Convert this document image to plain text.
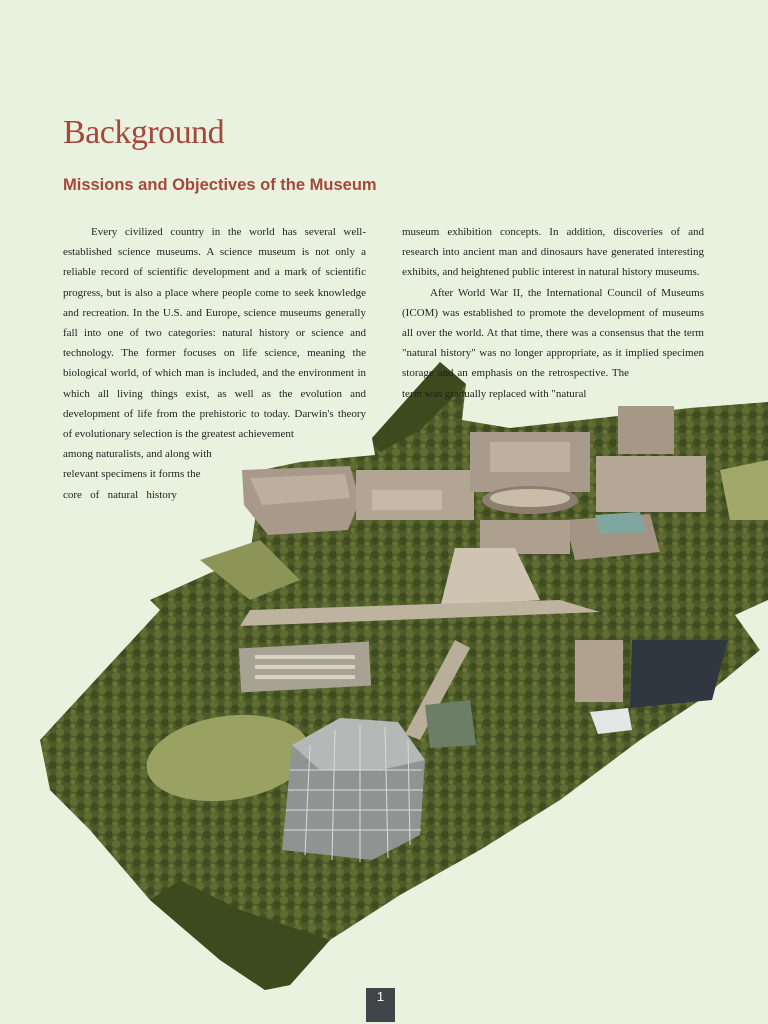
Background
Missions and Objectives of the Museum

Every civilized country in the world has several well-

established science museums. A science museum is not only a

reliable record of scientific development and a mark of scientific

progress, but is also a place where people come to seek knowledge

and recreation. In the U.S. and Europe, science museums generally

fall into one of two categories: natural history or science and

technology. The former focuses on life science, meaning the

biological world, of which man is included, and the environment in

which all living things exist, as well as the evolution and

development of life from the prehistoric to today. Darwin's theory

of evolutionary selection is the greatest achievement

among naturalists, and along with

relevant specimens it forms the

core   of   natural   history

museum exhibition concepts. In addition, discoveries of and

research into ancient man and dinosaurs have generated interesting

exhibits, and heightened public interest in natural history museums.

After World War II, the International Council of Museums

(ICOM) was established to promote the development of museums

all over the world. At that time, there was a consensus that the term

"natural history" was no longer appropriate, as it implied specimen

storage and an emphasis on the retrospective. The

term was gradually replaced with "natural

1
